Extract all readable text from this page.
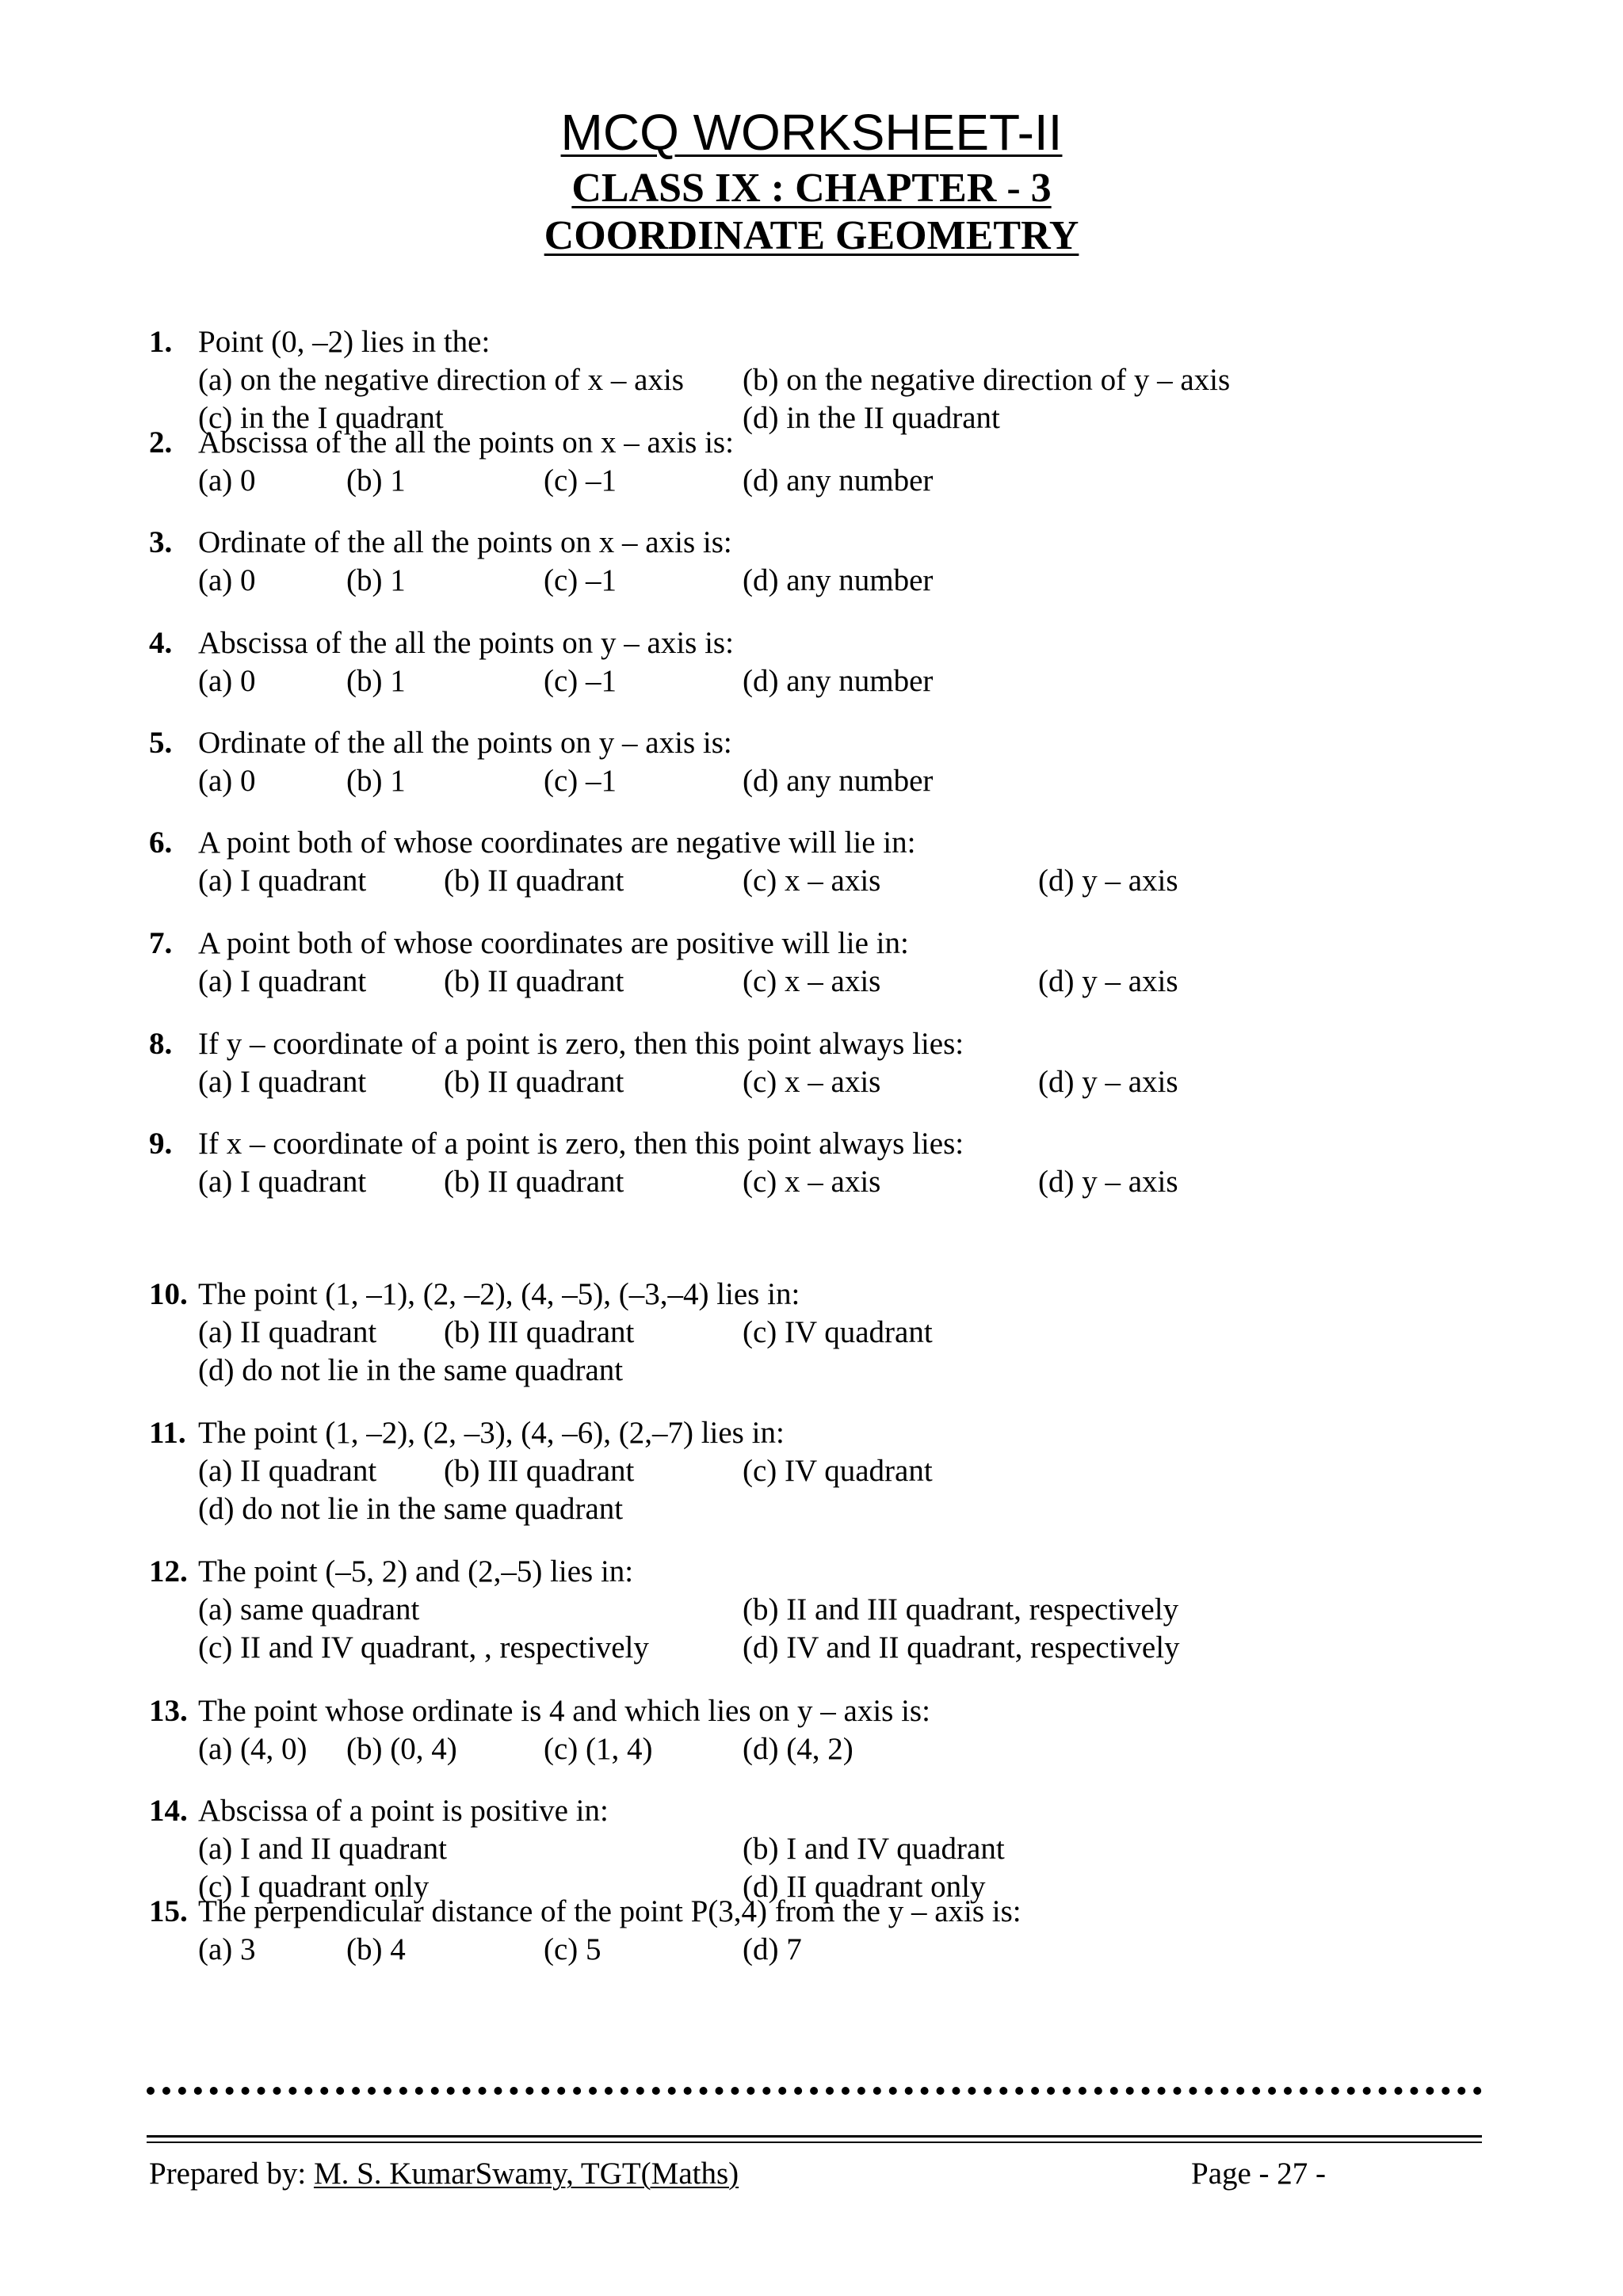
MCQ WORKSHEET-II
CLASS IX : CHAPTER - 3
COORDINATE GEOMETRY
1. Point (0, –2) lies in the:
(a) on the negative direction of x – axis (b) on the negative direction of y – axis
(c) in the I quadrant	(d) in the II quadrant
2. Abscissa of the all the points on x – axis is:
(a) 0	(b) 1	(c) –1	(d) any number
3. Ordinate of the all the points on x – axis is:
(a) 0	(b) 1	(c) –1	(d) any number
4. Abscissa of the all the points on y – axis is:
(a) 0	(b) 1	(c) –1	(d) any number
5. Ordinate of the all the points on y – axis is:
(a) 0	(b) 1	(c) –1	(d) any number
6. A point both of whose coordinates are negative will lie in:
(a) I quadrant	(b) II quadrant	(c) x – axis	(d) y – axis
7. A point both of whose coordinates are positive will lie in:
(a) I quadrant	(b) II quadrant	(c) x – axis	(d) y – axis
8. If y – coordinate of a point is zero, then this point always lies:
(a) I quadrant	(b) II quadrant	(c) x – axis	(d) y – axis
9. If x – coordinate of a point is zero, then this point always lies:
(a) I quadrant	(b) II quadrant	(c) x – axis	(d) y – axis
10. The point (1, –1), (2, –2), (4, –5), (–3,–4) lies in:
(a) II quadrant (b) III quadrant	(c) IV quadrant
(d) do not lie in the same quadrant
11. The point (1, –2), (2, –3), (4, –6), (2,–7) lies in:
(a) II quadrant (b) III quadrant	(c) IV quadrant
(d) do not lie in the same quadrant
12. The point (–5, 2) and (2,–5) lies in:
(a) same quadrant	(b) II and III quadrant, respectively
(c) II and IV quadrant, , respectively	(d) IV and II quadrant, respectively
13. The point whose ordinate is 4 and which lies on y – axis is:
(a) (4, 0) (b) (0, 4)	(c) (1, 4)	(d) (4, 2)
14. Abscissa of a point is positive in:
(a) I and II quadrant	(b) I and IV quadrant
(c) I quadrant only	(d) II quadrant only
15. The perpendicular distance of the point P(3,4) from the y – axis is:
(a) 3	(b) 4	(c) 5	(d) 7
Prepared by: M. S. KumarSwamy, TGT(Maths)	Page - 27 -
